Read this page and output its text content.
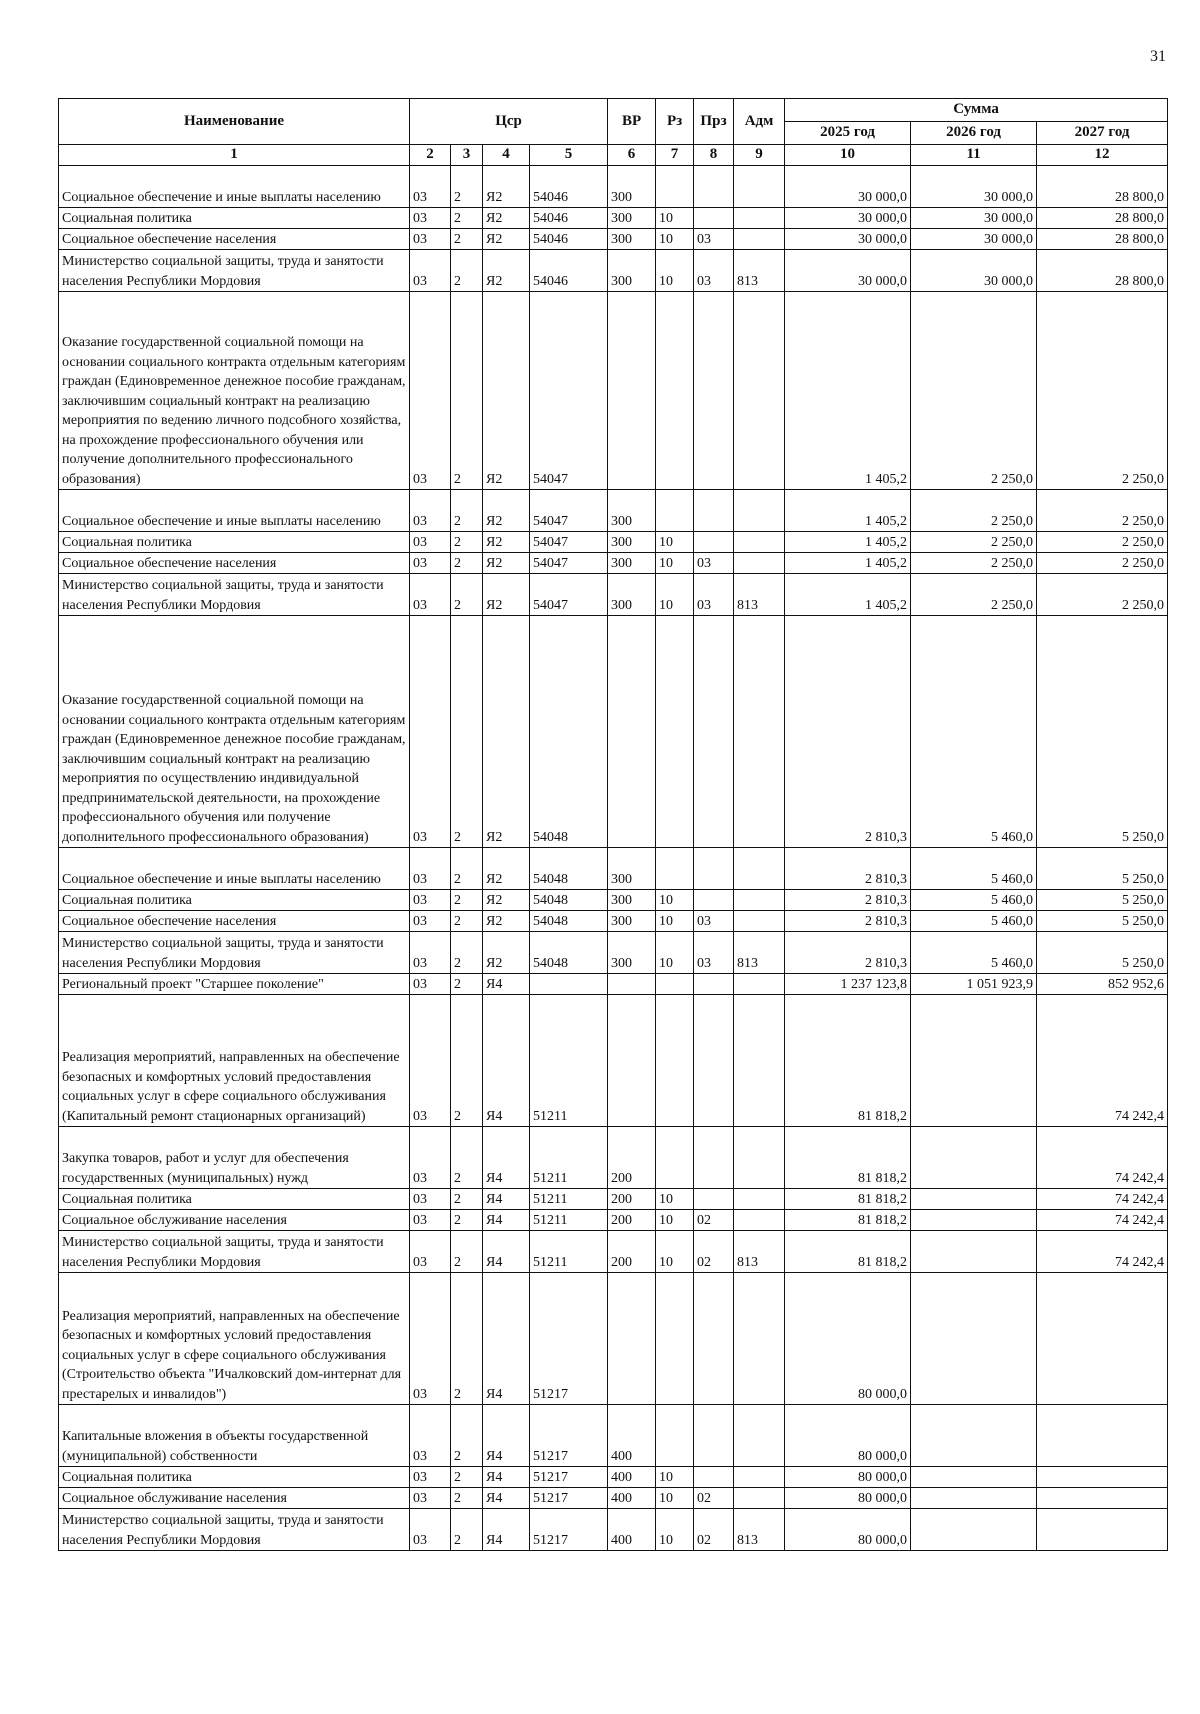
31
Наименование	Цср				ВР	Рз	Прз	Адм	Сумма		
									2025 год	2026 год	2027 год
1	2	3	4	5	6	7	8	9	10	11	12
Социальное обеспечение и иные выплаты населению	03	2	Я2	54046	300				30 000,0	30 000,0	28 800,0
Социальная политика	03	2	Я2	54046	300	10			30 000,0	30 000,0	28 800,0
Социальное обеспечение населения	03	2	Я2	54046	300	10	03		30 000,0	30 000,0	28 800,0
Министерство социальной защиты, труда и занятости населения Республики Мордовия	03	2	Я2	54046	300	10	03	813	30 000,0	30 000,0	28 800,0
Оказание государственной социальной помощи на основании социального контракта отдельным категориям граждан (Единовременное денежное пособие гражданам, заключившим социальный контракт на реализацию мероприятия по ведению личного подсобного хозяйства, на прохождение профессионального обучения или получение дополнительного профессионального образования)	03	2	Я2	54047					1 405,2	2 250,0	2 250,0
Социальное обеспечение и иные выплаты населению	03	2	Я2	54047	300				1 405,2	2 250,0	2 250,0
Социальная политика	03	2	Я2	54047	300	10			1 405,2	2 250,0	2 250,0
Социальное обеспечение населения	03	2	Я2	54047	300	10	03		1 405,2	2 250,0	2 250,0
Министерство социальной защиты, труда и занятости населения Республики Мордовия	03	2	Я2	54047	300	10	03	813	1 405,2	2 250,0	2 250,0
Оказание государственной социальной помощи на основании социального контракта отдельным категориям граждан (Единовременное денежное пособие гражданам, заключившим социальный контракт на реализацию мероприятия по осуществлению индивидуальной предпринимательской деятельности, на прохождение профессионального обучения или получение дополнительного профессионального образования)	03	2	Я2	54048					2 810,3	5 460,0	5 250,0
Социальное обеспечение и иные выплаты населению	03	2	Я2	54048	300				2 810,3	5 460,0	5 250,0
Социальная политика	03	2	Я2	54048	300	10			2 810,3	5 460,0	5 250,0
Социальное обеспечение населения	03	2	Я2	54048	300	10	03		2 810,3	5 460,0	5 250,0
Министерство социальной защиты, труда и занятости населения Республики Мордовия	03	2	Я2	54048	300	10	03	813	2 810,3	5 460,0	5 250,0
Региональный проект "Старшее поколение"	03	2	Я4						1 237 123,8	1 051 923,9	852 952,6
Реализация мероприятий, направленных на обеспечение безопасных и комфортных условий предоставления социальных услуг в сфере социального обслуживания (Капитальный ремонт стационарных организаций)	03	2	Я4	51211					81 818,2		74 242,4
Закупка товаров, работ и услуг для обеспечения государственных (муниципальных) нужд	03	2	Я4	51211	200				81 818,2		74 242,4
Социальная политика	03	2	Я4	51211	200	10			81 818,2		74 242,4
Социальное обслуживание населения	03	2	Я4	51211	200	10	02		81 818,2		74 242,4
Министерство социальной защиты, труда и занятости населения Республики Мордовия	03	2	Я4	51211	200	10	02	813	81 818,2		74 242,4
Реализация мероприятий, направленных на обеспечение безопасных и комфортных условий предоставления социальных услуг в сфере социального обслуживания (Строительство объекта "Ичалковский дом-интернат для престарелых и инвалидов")	03	2	Я4	51217					80 000,0		
Капитальные вложения в объекты государственной (муниципальной) собственности	03	2	Я4	51217	400				80 000,0		
Социальная политика	03	2	Я4	51217	400	10			80 000,0		
Социальное обслуживание населения	03	2	Я4	51217	400	10	02		80 000,0		
Министерство социальной защиты, труда и занятости населения Республики Мордовия	03	2	Я4	51217	400	10	02	813	80 000,0		
